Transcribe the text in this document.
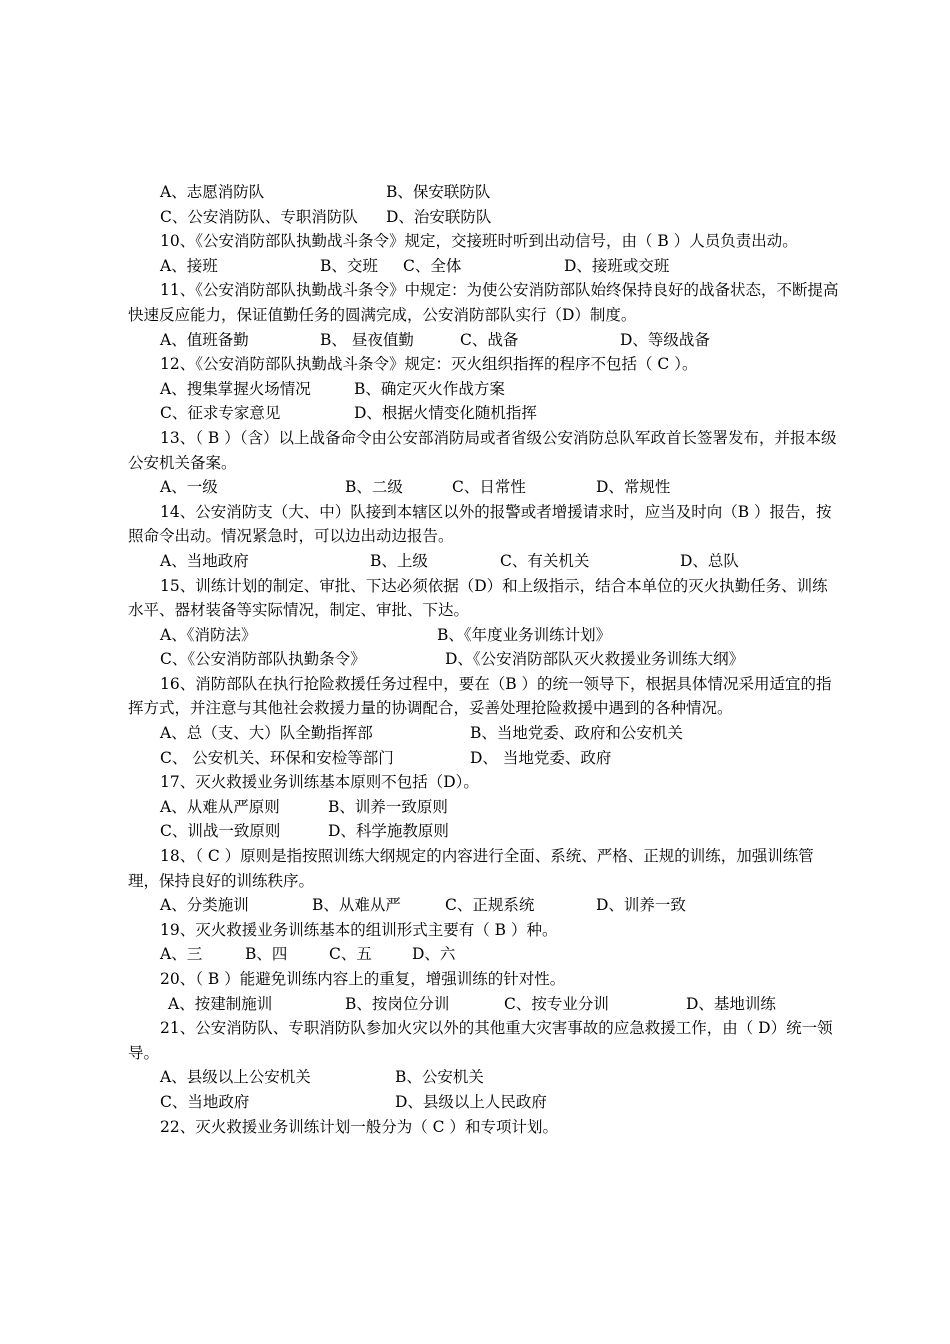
A、志愿消防队	B、保安联防队
C、公安消防队、专职消防队 D、治安联防队
10、《公安消防部队执勤战斗条令》规定，交接班时听到出动信号，由（ B ）人员负责出动。
A、接班	B、交班 C、全体	D、接班或交班
11、《公安消防部队执勤战斗条令》中规定：为使公安消防部队始终保持良好的战备状态，不断提高快速反应能力，保证值勤任务的圆满完成，公安消防部队实行（D）制度。
A、值班备勤	B、 昼夜值勤	C、战备	D、等级战备
12、《公安消防部队执勤战斗条令》规定：灭火组织指挥的程序不包括（ C ）。
A、搜集掌握火场情况	B、确定灭火作战方案
C、征求专家意见	D、根据火情变化随机指挥
13、（ B ）（含）以上战备命令由公安部消防局或者省级公安消防总队军政首长签署发布，并报本级公安机关备案。
A、一级	B、二级	C、日常性	D、常规性
14、公安消防支（大、中）队接到本辖区以外的报警或者增援请求时，应当及时向（B ）报告，按照命令出动。情况紧急时，可以边出动边报告。
A、当地政府	B、上级	C、有关机关	D、总队
15、训练计划的制定、审批、下达必须依据（D）和上级指示，结合本单位的灭火执勤任务、训练水平、器材装备等实际情况，制定、审批、下达。
A、《消防法》	B、《年度业务训练计划》
C、《公安消防部队执勤条令》	D、《公安消防部队灭火救援业务训练大纲》
16、消防部队在执行抢险救援任务过程中，要在（B ）的统一领导下，根据具体情况采用适宜的指挥方式，并注意与其他社会救援力量的协调配合，妥善处理抢险救援中遇到的各种情况。
A、总（支、大）队全勤指挥部	B、当地党委、政府和公安机关
C、 公安机关、环保和安检等部门	D、 当地党委、政府
17、灭火救援业务训练基本原则不包括（D）。
A、从难从严原则	B、训养一致原则
C、训战一致原则	D、科学施教原则
18、（ C ）原则是指按照训练大纲规定的内容进行全面、系统、严格、正规的训练，加强训练管理，保持良好的训练秩序。
A、分类施训	B、从难从严	C、正规系统	D、训养一致
19、灭火救援业务训练基本的组训形式主要有（ B ）种。
A、三	B、四	C、五	D、六
20、（ B ）能避免训练内容上的重复，增强训练的针对性。
A、按建制施训	B、按岗位分训	C、按专业分训	D、基地训练
21、公安消防队、专职消防队参加火灾以外的其他重大灾害事故的应急救援工作，由（ D）统一领导。
A、县级以上公安机关	B、公安机关
C、当地政府	D、县级以上人民政府
22、灭火救援业务训练计划一般分为（ C ）和专项计划。
